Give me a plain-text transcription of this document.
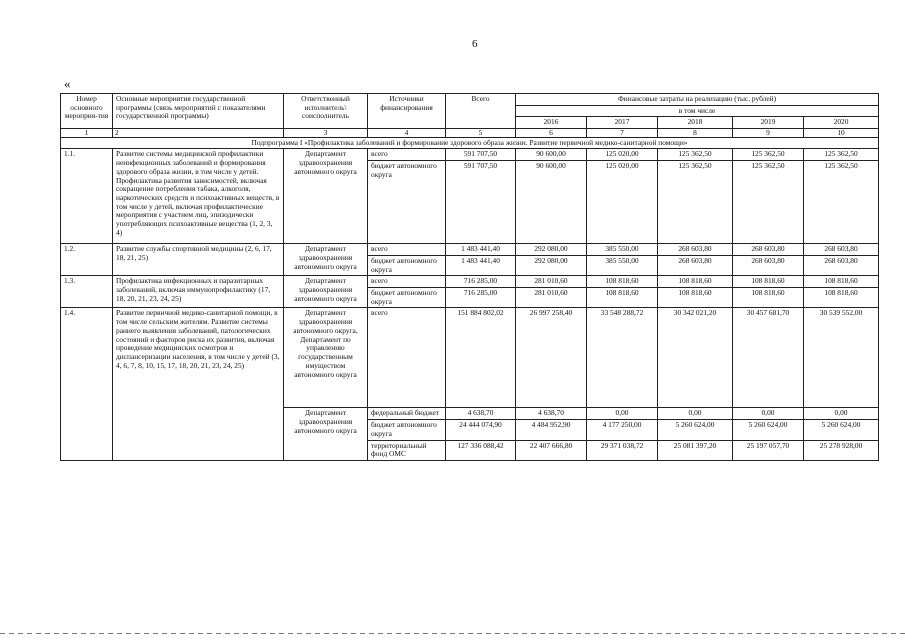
6
«
Номер основного мероприя-тия	Основные мероприятия государственной программы (связь мероприятий с показателями государственной программы)	Ответственный исполнитель\ соисполнитель	Источники финансирования	Всего	Финансовые затраты на реализацию (тыс. рублей)				
					в том числе				
					2016	2017	2018	2019	2020
1	2	3	4	5	6	7	8	9	10
Подпрограмма I «Профилактика заболеваний и формирование здорового образа жизни. Развитие первичной медико-санитарной помощи»									
1.1.	Развитие системы медицинской профилактики неинфекционных заболеваний и формирования здорового образа жизни, в том числе у детей. Профилактика развития зависимостей, включая сокращение потребления табака, алкоголя, наркотических средств и психоактивных веществ, в том числе у детей, включая профилактические мероприятия с участием лиц, эпизодически употребляющих психоактивные вещества (1, 2, 3, 4)	Департамент здравоохранения автономного округа	всего	591 707,50	90 600,00	125 020,00	125 362,50	125 362,50	125 362,50
			бюджет автономного округа	591 707,50	90 600,00	125 020,00	125 362,50	125 362,50	125 362,50
1.2.	Развитие службы спортивной медицины (2, 6, 17, 18, 21, 25)	Департамент здравоохранения автономного округа	всего	1 483 441,40	292 080,00	385 550,00	268 603,80	268 603,80	268 603,80
			бюджет автономного округа	1 483 441,40	292 080,00	385 550,00	268 603,80	268 603,80	268 603,80
1.3.	Профилактика инфекционных и паразитарных заболеваний, включая иммунопрофилактику (17, 18, 20, 21, 23, 24, 25)	Департамент здравоохранения автономного округа	всего	716 285,00	281 010,60	108 818,60	108 818,60	108 818,60	108 818,60
			бюджет автономного округа	716 285,00	281 010,60	108 818,60	108 818,60	108 818,60	108 818,60
1.4.	Развитие первичной медико-санитарной помощи, в том числе сельским жителям. Развитие системы раннего выявления заболеваний, патологических состояний и факторов риска их развития, включая проведение медицинских осмотров и диспансеризации населения, в том числе у детей (3, 4, 6, 7, 8, 10, 15, 17, 18, 20, 21, 23, 24, 25)	Департамент здравоохранения автономного округа, Департамент по управлению государственным имуществом автономного округа	всего	151 884 802,02	26 997 258,40	33 548 288,72	30 342 021,20	30 457 681,70	30 539 552,00
		Департамент здравоохранения автономного округа	федеральный бюджет	4 638,70	4 638,70	0,00	0,00	0,00	0,00
			бюджет автономного округа	24 444 074,90	4 484 952,90	4 177 250,00	5 260 624,00	5 260 624,00	5 260 624,00
			территориальный фонд ОМС	127 336 088,42	22 407 666,80	29 371 038,72	25 081 397,20	25 197 057,70	25 278 928,00
